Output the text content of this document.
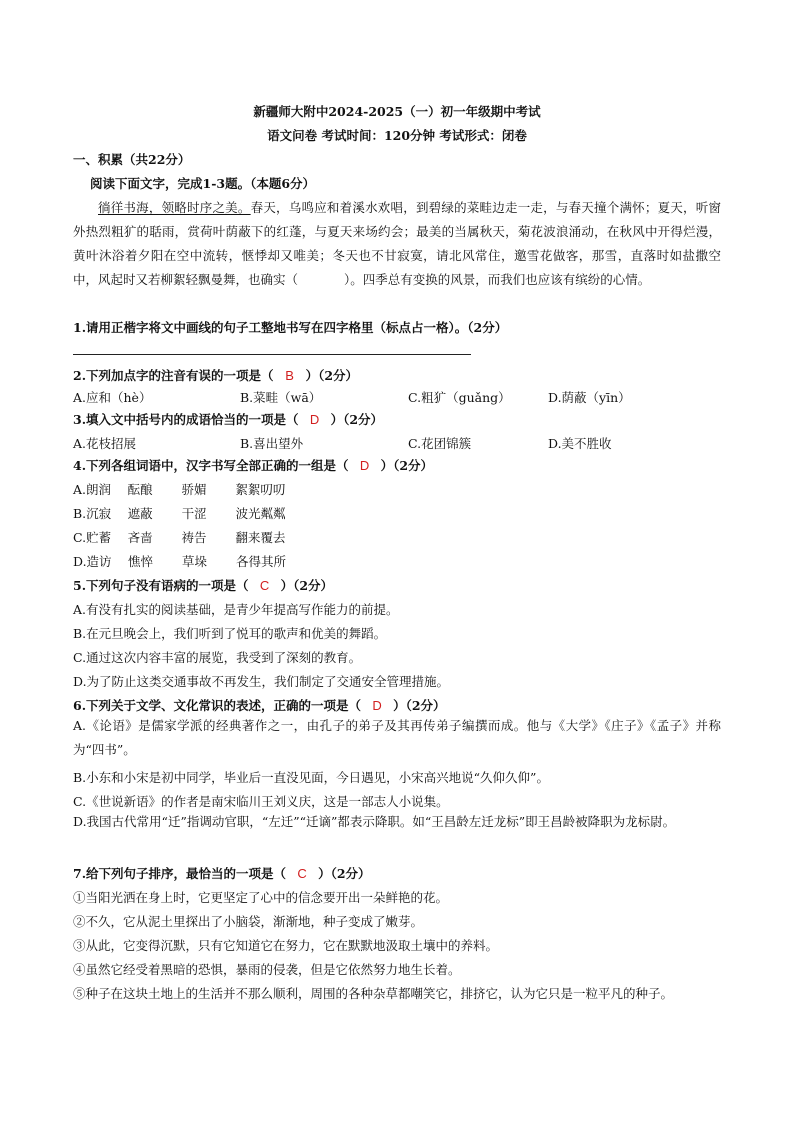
新疆师大附中2024-2025（一）初一年级期中考试
语文问卷 考试时间：120分钟 考试形式：闭卷
一、积累（共22分）
阅读下面文字，完成1-3题。（本题6分）
徜徉书海，领略时序之美。春天，乌鸣应和着溪水欢唱，到碧绿的菜畦边走一走，与春天撞个满怀；夏天，听窗外热烈粗犷的聒雨，赏荷叶荫蔽下的红蓬，与夏天来场约会；最美的当属秋天，菊花波浪涌动，在秋风中开得烂漫，黄叶沐浴着夕阳在空中流转，惬悸却又唯美；冬天也不甘寂寞，请北风常住，邀雪花做客，那雪，直落时如盐撒空中，风起时又若柳絮轻飘曼舞，也确实（	）。四季总有变换的风景，而我们也应该有缤纷的心情。
1.请用正楷字将文中画线的句子工整地书写在四字格里（标点占一格）。（2分）
2.下列加点字的注音有误的一项是（ B ）（2分）
A.应和（hè）	B.菜畦（wā）	C.粗犷（guǎng）	D.荫蔽（yīn）
3.填入文中括号内的成语恰当的一项是（ D ）（2分）
A.花枝招展	B.喜出望外	C.花团锦簇	D.美不胜收
4.下列各组词语中，汉字书写全部正确的一组是（ D ）（2分）
A.朗润　 酝酿　　 骄媚　　 絮絮叨叨
B.沉寂　 遮蔽　　 干涩　　 波光粼粼
C.贮蓄　 吝啬　　 祷告　　 翻来覆去
D.造访　 憔悴　　 草垛　　 各得其所
5.下列句子没有语病的一项是（ C ）（2分）
A.有没有扎实的阅读基础，是青少年提高写作能力的前提。
B.在元旦晚会上，我们听到了悦耳的歌声和优美的舞蹈。
C.通过这次内容丰富的展览，我受到了深刻的教育。
D.为了防止这类交通事故不再发生，我们制定了交通安全管理措施。
6.下列关于文学、文化常识的表述，正确的一项是（ D ）（2分）
A.《论语》是儒家学派的经典著作之一，由孔子的弟子及其再传弟子编撰而成。他与《大学》《庄子》《孟子》并称为“四书”。
B.小东和小宋是初中同学，毕业后一直没见面，今日遇见，小宋高兴地说“久仰久仰”。
C.《世说新语》的作者是南宋临川王刘义庆，这是一部志人小说集。
D.我国古代常用“迁”指调动官职，“左迁”“迁谪”都表示降职。如“王昌龄左迁龙标”即王昌龄被降职为龙标尉。
7.给下列句子排序，最恰当的一项是（ C ）（2分）
①当阳光洒在身上时，它更坚定了心中的信念要开出一朵鲜艳的花。
②不久，它从泥土里探出了小脑袋，渐渐地，种子变成了嫩芽。
③从此，它变得沉默，只有它知道它在努力，它在默默地汲取土壤中的养料。
④虽然它经受着黑暗的恐惧，暴雨的侵袭，但是它依然努力地生长着。
⑤种子在这块土地上的生活并不那么顺利，周围的各种杂草都嘲笑它，排挤它，认为它只是一粒平凡的种子。
